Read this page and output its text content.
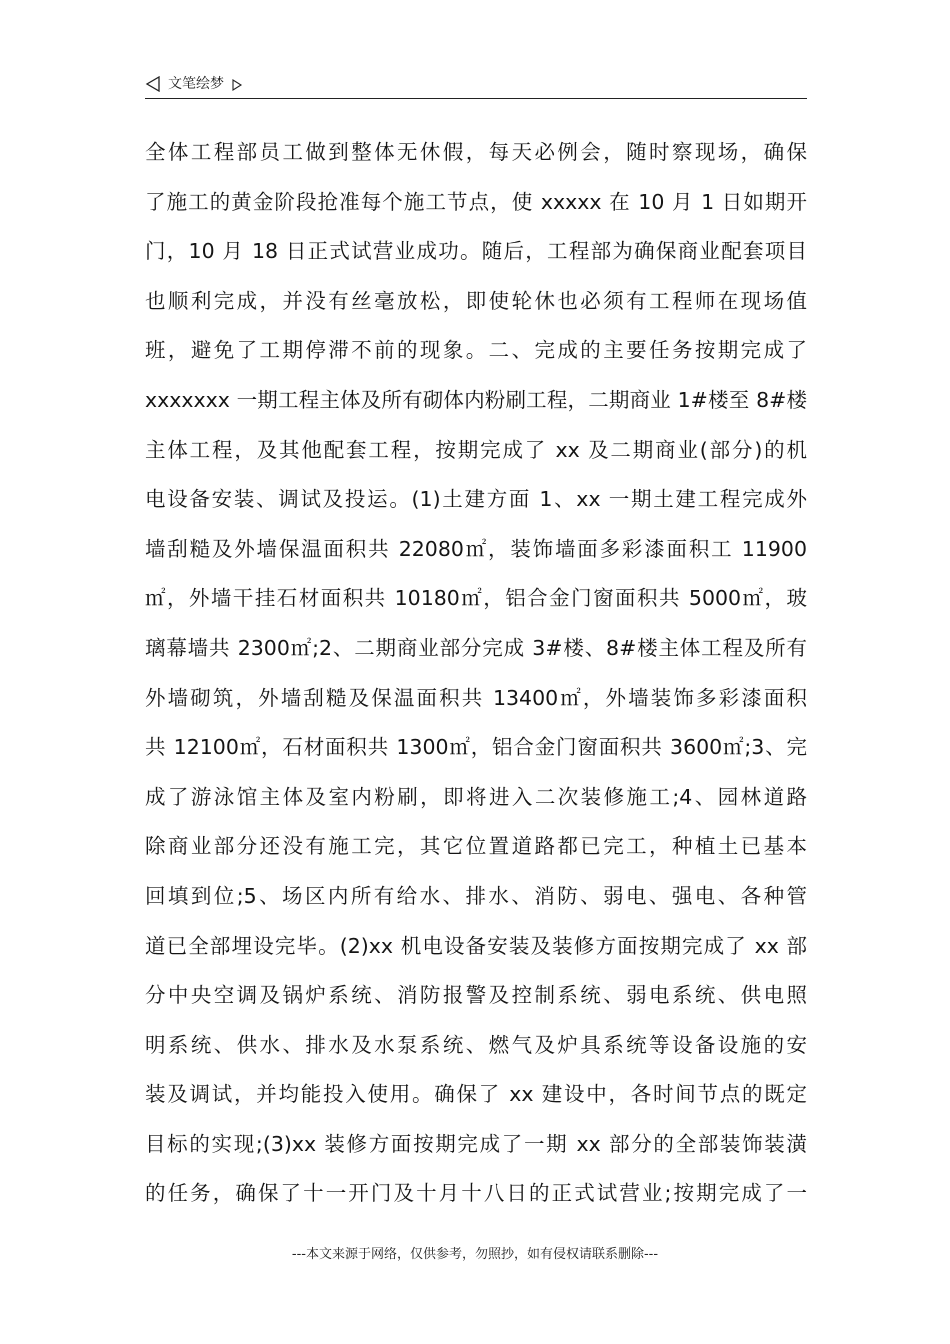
文笔绘梦
全体工程部员工做到整体无休假，每天必例会，随时察现场，确保
了施工的黄金阶段抢准每个施工节点，使 xxxxx 在 10 月 1 日如期开
门，10 月 18 日正式试营业成功。随后，工程部为确保商业配套项目
也顺利完成，并没有丝毫放松，即使轮休也必须有工程师在现场值
班，避免了工期停滞不前的现象。二、完成的主要任务按期完成了
xxxxxxx 一期工程主体及所有砌体内粉刷工程，二期商业 1#楼至 8#楼
主体工程，及其他配套工程，按期完成了 xx 及二期商业(部分)的机
电设备安装、调试及投运。(1)土建方面 1、xx 一期土建工程完成外
墙刮糙及外墙保温面积共 22080㎡，装饰墙面多彩漆面积工 11900
㎡，外墙干挂石材面积共 10180㎡，铝合金门窗面积共 5000㎡，玻
璃幕墙共 2300㎡;2、二期商业部分完成 3#楼、8#楼主体工程及所有
外墙砌筑，外墙刮糙及保温面积共 13400㎡，外墙装饰多彩漆面积
共 12100㎡，石材面积共 1300㎡，铝合金门窗面积共 3600㎡;3、完
成了游泳馆主体及室内粉刷，即将进入二次装修施工;4、园林道路
除商业部分还没有施工完，其它位置道路都已完工，种植土已基本
回填到位;5、场区内所有给水、排水、消防、弱电、强电、各种管
道已全部埋设完毕。(2)xx 机电设备安装及装修方面按期完成了 xx 部
分中央空调及锅炉系统、消防报警及控制系统、弱电系统、供电照
明系统、供水、排水及水泵系统、燃气及炉具系统等设备设施的安
装及调试，并均能投入使用。确保了 xx 建设中，各时间节点的既定
目标的实现;(3)xx 装修方面按期完成了一期 xx 部分的全部装饰装潢
的任务，确保了十一开门及十月十八日的正式试营业;按期完成了一
---本文来源于网络，仅供参考，勿照抄，如有侵权请联系删除---
